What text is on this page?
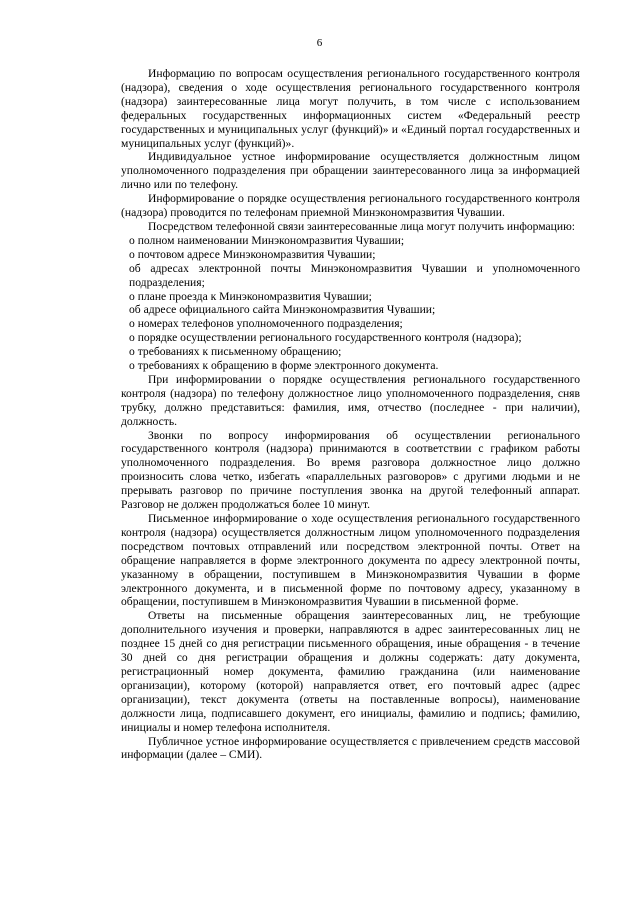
6

Информацию по вопросам осуществления регионального государственного контроля (надзора), сведения о ходе осуществления регионального государственного контроля (надзора) заинтересованные лица могут получить, в том числе с использованием федеральных государственных информационных систем «Федеральный реестр государственных и муниципальных услуг (функций)» и «Единый портал государственных и муниципальных услуг (функций)».

Индивидуальное устное информирование осуществляется должностным лицом уполномоченного подразделения при обращении заинтересованного лица за информацией лично или по телефону.

Информирование о порядке осуществления регионального государственного контроля (надзора) проводится по телефонам приемной Минэкономразвития Чувашии.

Посредством телефонной связи заинтересованные лица могут получить информацию:

о полном наименовании Минэкономразвития Чувашии;

о почтовом адресе Минэкономразвития Чувашии;

об адресах электронной почты Минэкономразвития Чувашии и уполномоченного подразделения;

о плане проезда к Минэкономразвития Чувашии;

об адресе официального сайта Минэкономразвития Чувашии;

о номерах телефонов уполномоченного подразделения;

о порядке осуществлении регионального государственного контроля (надзора);

о требованиях к письменному обращению;

о требованиях к обращению в форме электронного документа.

При информировании о порядке осуществления регионального государственного контроля (надзора) по телефону должностное лицо уполномоченного подразделения, сняв трубку, должно представиться: фамилия, имя, отчество (последнее - при наличии), должность.

Звонки по вопросу информирования об осуществлении регионального государственного контроля (надзора) принимаются в соответствии с графиком работы уполномоченного подразделения. Во время разговора должностное лицо должно произносить слова четко, избегать «параллельных разговоров» с другими людьми и не прерывать разговор по причине поступления звонка на другой телефонный аппарат. Разговор не должен продолжаться более 10 минут.

Письменное информирование о ходе осуществления регионального государственного контроля (надзора) осуществляется должностным лицом уполномоченного подразделения посредством почтовых отправлений или посредством электронной почты. Ответ на обращение направляется в форме электронного документа по адресу электронной почты, указанному в обращении, поступившем в Минэкономразвития Чувашии в форме электронного документа, и в письменной форме по почтовому адресу, указанному в обращении, поступившем в Минэкономразвития Чувашии в письменной форме.

Ответы на письменные обращения заинтересованных лиц, не требующие дополнительного изучения и проверки, направляются в адрес заинтересованных лиц не позднее 15 дней со дня регистрации письменного обращения, иные обращения - в течение 30 дней со дня регистрации обращения и должны содержать: дату документа, регистрационный номер документа, фамилию гражданина (или наименование организации), которому (которой) направляется ответ, его почтовый адрес (адрес организации), текст документа (ответы на поставленные вопросы), наименование должности лица, подписавшего документ, его инициалы, фамилию и подпись; фамилию, инициалы и номер телефона исполнителя.

Публичное устное информирование осуществляется с привлечением средств массовой информации (далее – СМИ).
